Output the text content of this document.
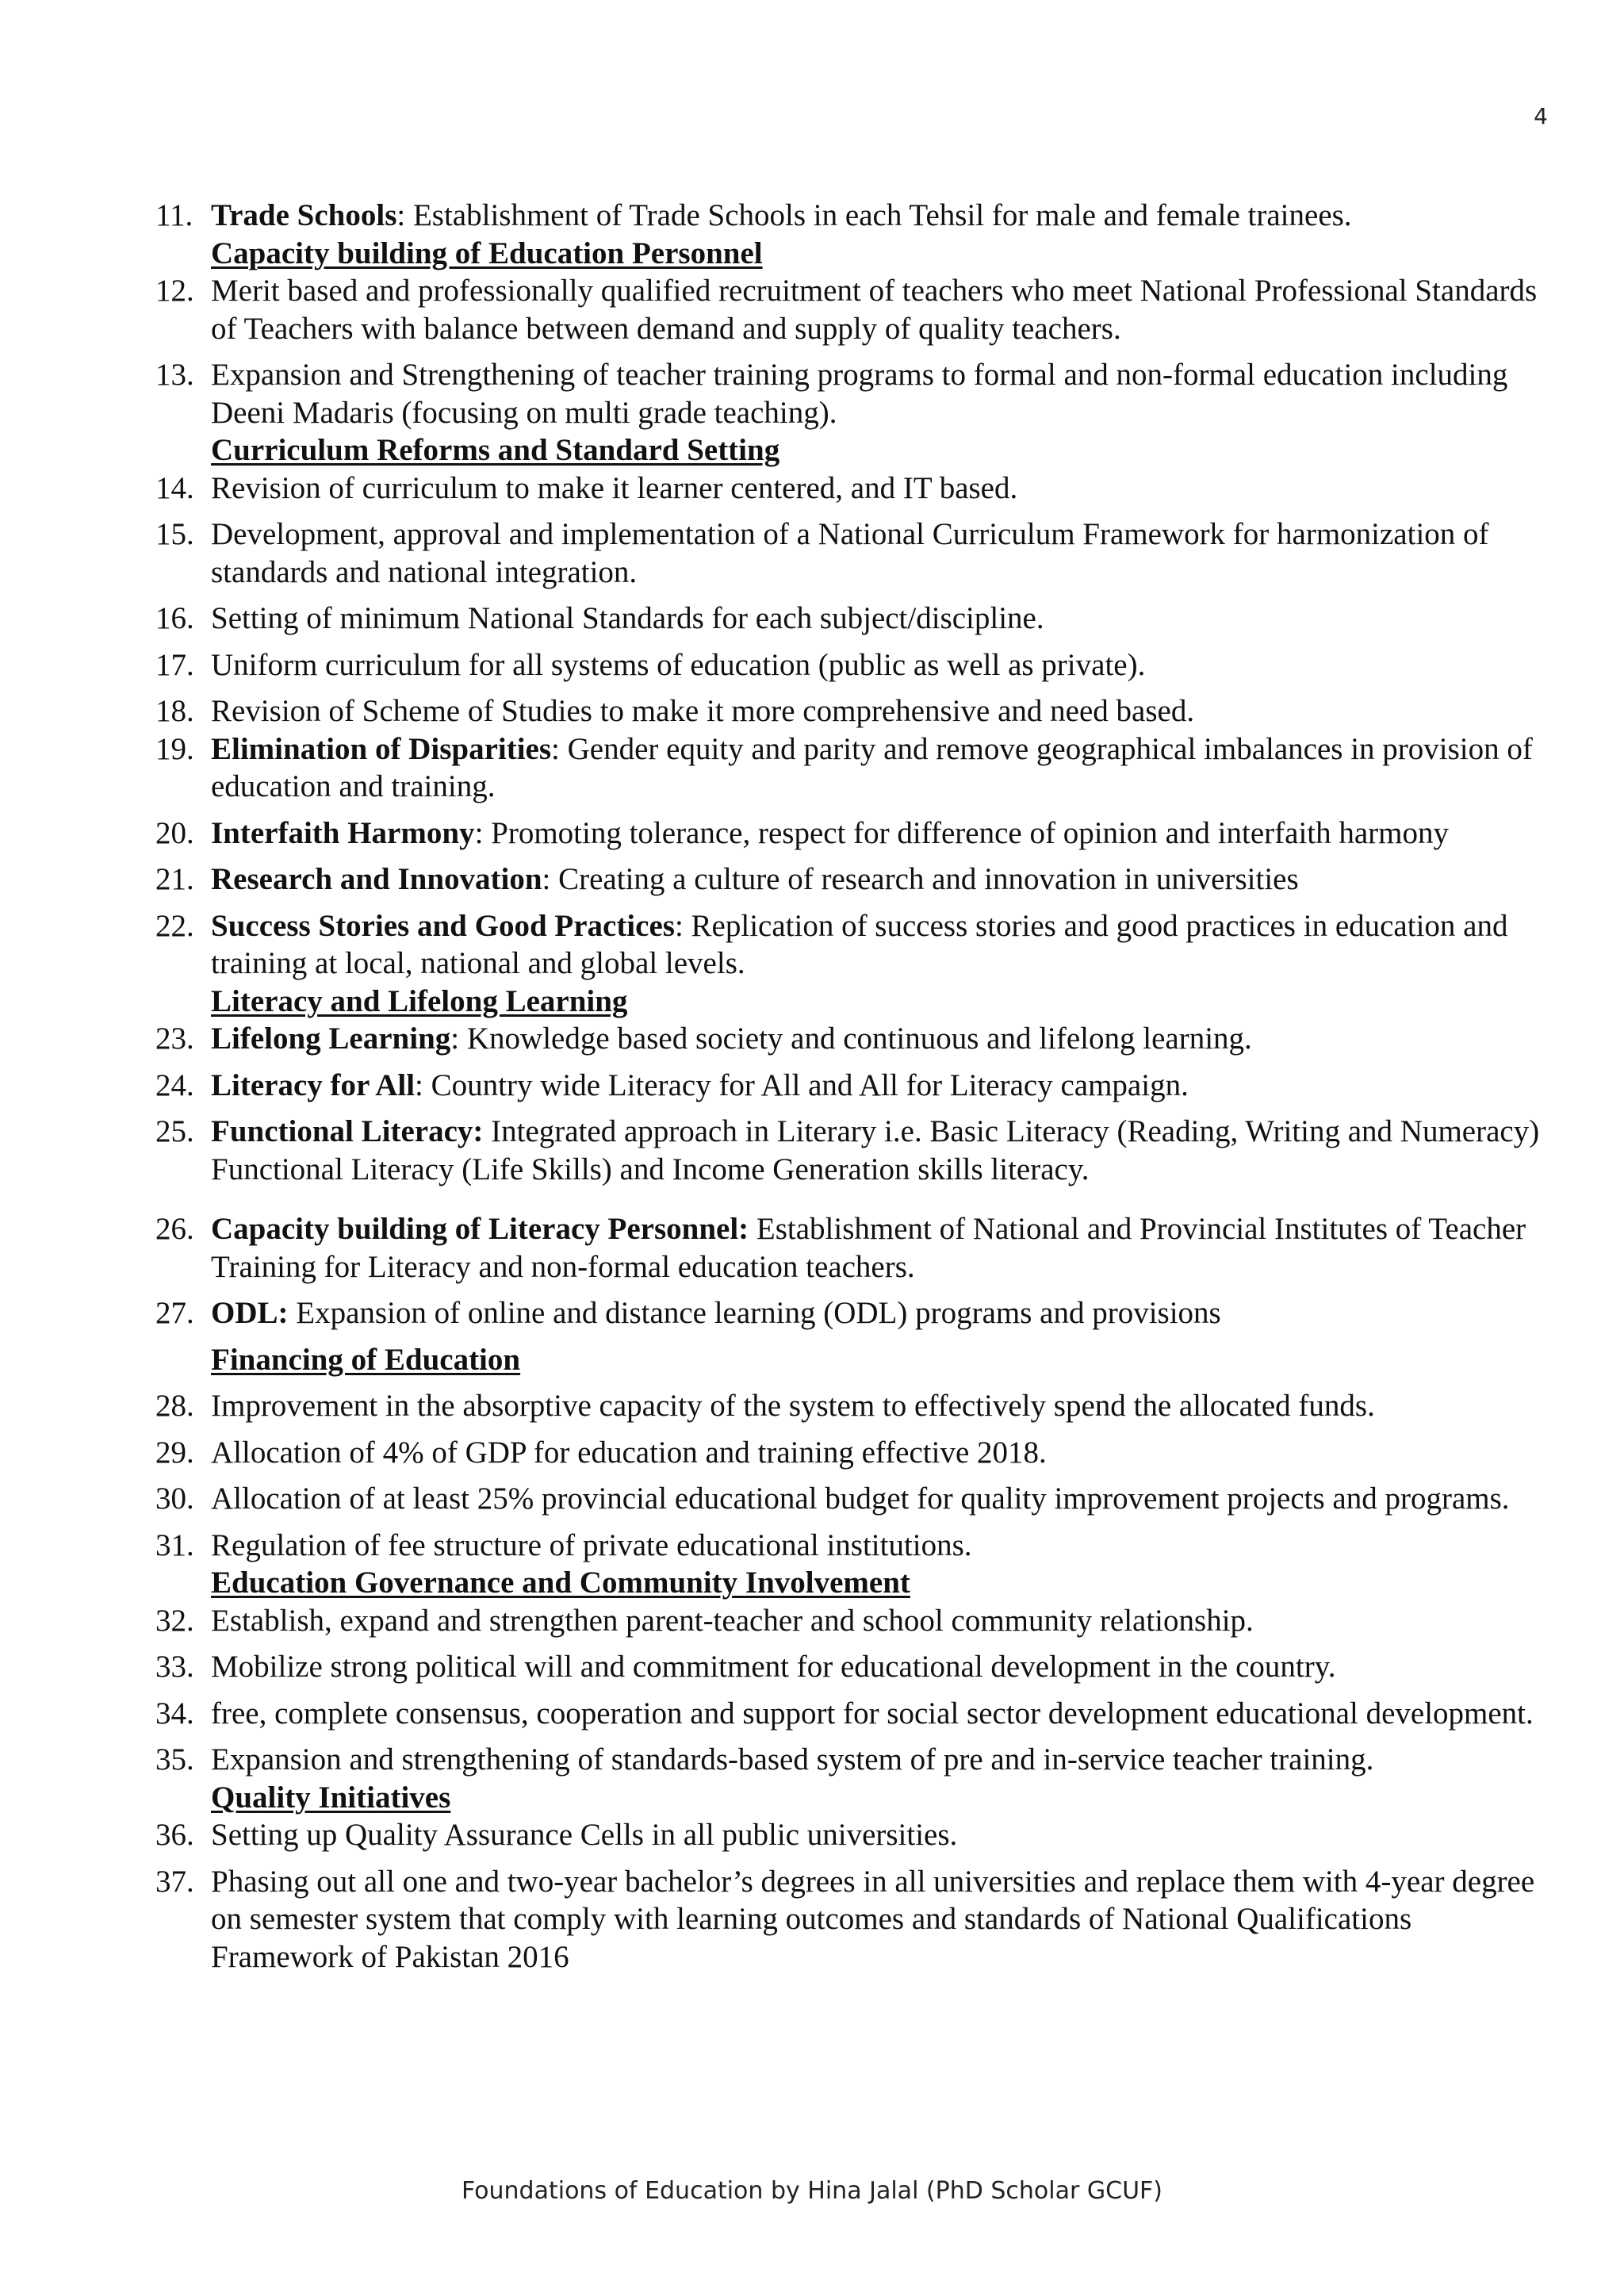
4
11. Trade Schools: Establishment of Trade Schools in each Tehsil for male and female trainees.
Capacity building of Education Personnel
12. Merit based and professionally qualified recruitment of teachers who meet National Professional Standards of Teachers with balance between demand and supply of quality teachers.
13. Expansion and Strengthening of teacher training programs to formal and non-formal education including Deeni Madaris (focusing on multi grade teaching).
Curriculum Reforms and Standard Setting
14. Revision of curriculum to make it learner centered, and IT based.
15. Development, approval and implementation of a National Curriculum Framework for harmonization of standards and national integration.
16. Setting of minimum National Standards for each subject/discipline.
17. Uniform curriculum for all systems of education (public as well as private).
18. Revision of Scheme of Studies to make it more comprehensive and need based.
19. Elimination of Disparities: Gender equity and parity and remove geographical imbalances in provision of education and training.
20. Interfaith Harmony: Promoting tolerance, respect for difference of opinion and interfaith harmony
21. Research and Innovation: Creating a culture of research and innovation in universities
22. Success Stories and Good Practices: Replication of success stories and good practices in education and training at local, national and global levels.
Literacy and Lifelong Learning
23. Lifelong Learning: Knowledge based society and continuous and lifelong learning.
24. Literacy for All: Country wide Literacy for All and All for Literacy campaign.
25. Functional Literacy: Integrated approach in Literary i.e. Basic Literacy (Reading, Writing and Numeracy) Functional Literacy (Life Skills) and Income Generation skills literacy.
26. Capacity building of Literacy Personnel: Establishment of National and Provincial Institutes of Teacher Training for Literacy and non-formal education teachers.
27. ODL: Expansion of online and distance learning (ODL) programs and provisions
Financing of Education
28. Improvement in the absorptive capacity of the system to effectively spend the allocated funds.
29. Allocation of 4% of GDP for education and training effective 2018.
30. Allocation of at least 25% provincial educational budget for quality improvement projects and programs.
31. Regulation of fee structure of private educational institutions.
Education Governance and Community Involvement
32. Establish, expand and strengthen parent-teacher and school community relationship.
33. Mobilize strong political will and commitment for educational development in the country.
34. free, complete consensus, cooperation and support for social sector development educational development.
35. Expansion and strengthening of standards-based system of pre and in-service teacher training.
Quality Initiatives
36. Setting up Quality Assurance Cells in all public universities.
37. Phasing out all one and two-year bachelor’s degrees in all universities and replace them with 4-year degree on semester system that comply with learning outcomes and standards of National Qualifications Framework of Pakistan 2016
Foundations of Education by Hina Jalal (PhD Scholar GCUF)
